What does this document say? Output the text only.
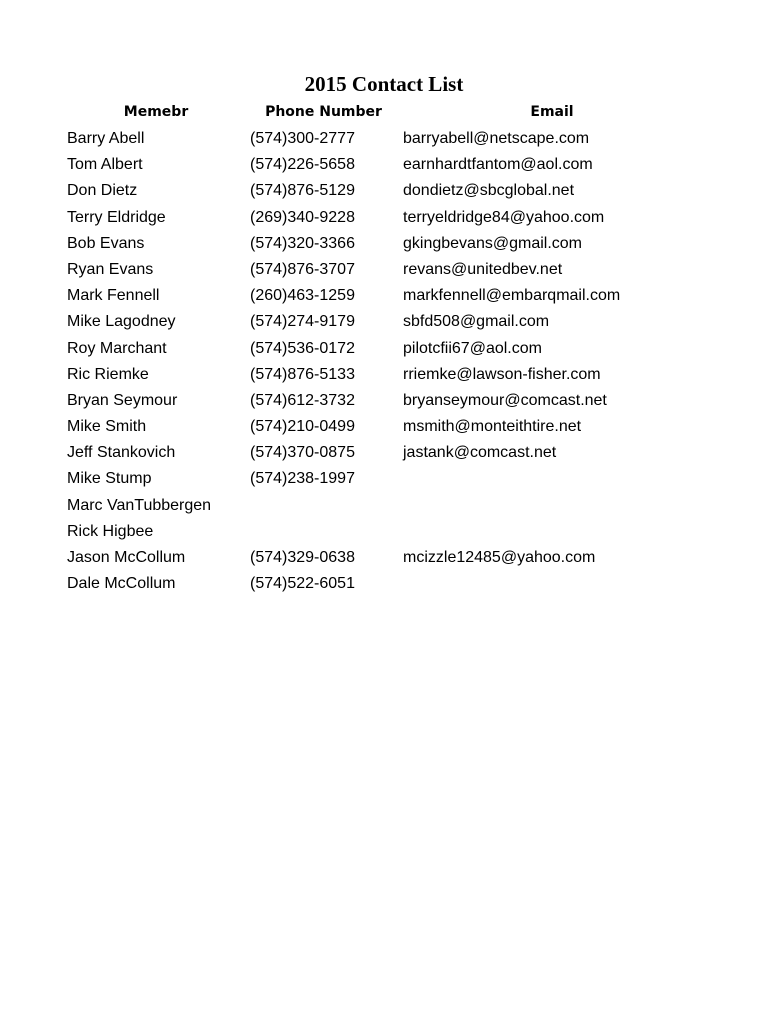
2015 Contact List
Memebr	Phone Number	Email
Barry Abell	(574)300-2777	barryabell@netscape.com
Tom Albert	(574)226-5658	earnhardtfantom@aol.com
Don Dietz	(574)876-5129	dondietz@sbcglobal.net
Terry Eldridge	(269)340-9228	terryeldridge84@yahoo.com
Bob Evans	(574)320-3366	gkingbevans@gmail.com
Ryan Evans	(574)876-3707	revans@unitedbev.net
Mark Fennell	(260)463-1259	markfennell@embarqmail.com
Mike Lagodney	(574)274-9179	sbfd508@gmail.com
Roy Marchant	(574)536-0172	pilotcfii67@aol.com
Ric Riemke	(574)876-5133	rriemke@lawson-fisher.com
Bryan Seymour	(574)612-3732	bryanseymour@comcast.net
Mike Smith	(574)210-0499	msmith@monteithtire.net
Jeff Stankovich	(574)370-0875	jastank@comcast.net
Mike Stump	(574)238-1997
Marc VanTubbergen
Rick Higbee
Jason McCollum	(574)329-0638	mcizzle12485@yahoo.com
Dale McCollum	(574)522-6051
